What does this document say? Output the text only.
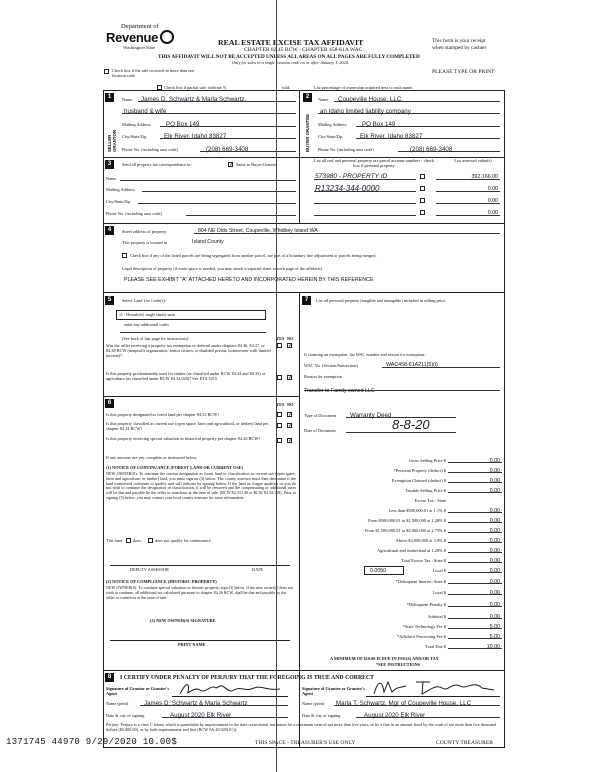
Department of
Revenue
Washington State
REAL ESTATE EXCISE TAX AFFIDAVIT
CHAPTER 82.45 RCW - CHAPTER 458-61A WAC
THIS AFFIDAVIT WILL NOT BE ACCEPTED UNLESS ALL AREAS ON ALL PAGES ARE FULLY COMPLETED
Only for sales in a single location code on or after January 1, 2020.
This form is your receipt
when stamped by cashier
PLEASE TYPE OR PRINT
Check box if the sale occurred in more than one location code
Check box if partial sale, indicate %	sold.	List percentage of ownership acquired next to each name.
1	2
SELLER GRANTOR	BUYER GRANTEE
Name James D. Schwartz & Marla Schwartz,
husband & wife
Mailing Address PO Box 149
City/State/Zip	Elk River, Idaho 83827
Phone No. (including area code)	(208) 669-3408
Name Coupeville House, LLC,
an Idaho limited liability company
Mailing Address PO Box 149
City/State/Zip	Elk River, Idaho 83827
Phone No. (including area code)	(208) 669-3408
3	Send all property tax correspondence to:	✓ Same as Buyer/Grantee
Name
Mailing Address
City/State/Zip
Phone No. (including area code)
List all real and personal property tax parcel account numbers - check box if personal property
List assessed value(s)
573980 - PROPERTY ID	392,166.00
R13234-344-0000	0.00
0.00
0.00
4	Street address of property:	804 NE Olds Street, Coupeville, Whidbey Island WA
This property is located in	Island County
Check box if any of the listed parcels are being segregated from another parcel, are part of a boundary line adjustment or parcels being merged.
Legal description of property (if more space is needed, you may attach a separate sheet to each page of the affidavit)
PLEASE SEE EXHIBIT "A" ATTACHED HERETO AND INCORPORATED HEREIN BY THIS REFERENCE
5	Select Land Use Code(s):
11 - Household, single family units
enter any additional codes
(See back of last page for instructions)	YES NO
Was the seller receiving a property tax exemption or deferral under chapters 84.36, 84.37, or 84.38 RCW (nonprofit organization, senior citizen, or disabled person, homeowner with limited income)?
✓
Is this property predominantly used for timber (as classified under RCW 84.34 and 84.33) or agriculture (as classified under RCW 84.34.020)? See ETA 3215	✓
6	YES NO
Is this property designated as forest land per chapter 84.33 RCW?	✓
Is this property classified as current use (open space, farm and agricultural, or timber) land per chapter 84.34 RCW?	✓
Is this property receiving special valuation as historical property per chapter 84.26 RCW?	✓
If any answers are yes, complete as instructed below.
(1) NOTICE OF CONTINUANCE (FOREST LAND OR CURRENT USE)
NEW OWNER(S): To continue the current designation as forest land or classification as current use (open space, farm and agriculture, or timber) land, you must sign on (3) below. The county assessor must then determine if the land transferred continues to qualify and will indicate by signing below. If the land no longer qualifies or you do not wish to continue the designation or classification, it will be removed and the compensating or additional taxes will be due and payable by the seller or transferor at the time of sale. (RCW 84.33.140 or RCW 84.34.108). Prior to signing (3) below, you may contact your local county assessor for more information.
This land	does	does not qualify for continuance.
DEPUTY ASSESSOR	DATE
(2) NOTICE OF COMPLIANCE (HISTORIC PROPERTY)
NEW OWNER(S): To continue special valuation as historic property, sign (3) below. If the new owner(s) does not wish to continue, all additional tax calculated pursuant to chapter 84.26 RCW, shall be due and payable by the seller or transferor at the time of sale.
(3) NEW OWNER(S) SIGNATURE
PRINT NAME
7	List all personal property (tangible and intangible) included in selling price.
If claiming an exemption, list WAC number and reason for exemption:
WAC No. (Section/Subsection)	WAC458-61A211(5)(i)
Reason for exemption
Transfer to Family owned LLC
Type of Document Warranty Deed
Date of Document	8-8-20
Gross Selling Price $	0.00
*Personal Property (deduct) $	0.00
Exemption Claimed (deduct) $	0.00
Taxable Selling Price $	0.00
Excise Tax : State
Less than $500,000.01 at 1.1% $	0.00
From $500,000.01 to $1,500,000 at 1.28% $	0.00
From $1,500,000.01 to $3,000,000 at 2.75% $	0.00
Above $3,000,000 at 3.0% $	0.00
Agricultural and timberland at 1.28% $	0.00
Total Excise Tax : State $	0.00
0.0050	Local $	0.00
*Delinquent Interest: State $	0.00
Local $	0.00
*Delinquent Penalty $	0.00
Subtotal $	0.00
*State Technology Fee $	5.00
*Affidavit Processing Fee $	5.00
Total Due $	10.00
A MINIMUM OF $10.00 IS DUE IN FEE(S) AND/OR TAX
*SEE INSTRUCTIONS
8	I CERTIFY UNDER PENALTY OF PERJURY THAT THE FOREGOING IS TRUE AND CORRECT
Signature of Grantor or Grantor's Agent
Signature of Grantee or Grantee's Agent
Name (print)	James D. Schwartz & Marla Schwartz	Name (print) Marla T. Schwartz, Mgr of Coupeville House, LLC
Date & city of signing	August 2020 Elk River	Date & city of signing	August 2020 Elk River
Perjury: Perjury is a class C felony which is punishable by imprisonment in the state correctional institution for a maximum term of not more than five years, or by a fine in an amount fixed by the court of not more than five thousand dollars ($5,000.00), or by both imprisonment and fine (RCW 9A.20.020(1C)).
1371745 44970 9/29/2020 10.00$	THIS SPACE - TREASURER'S USE ONLY	COUNTY TREASURER
